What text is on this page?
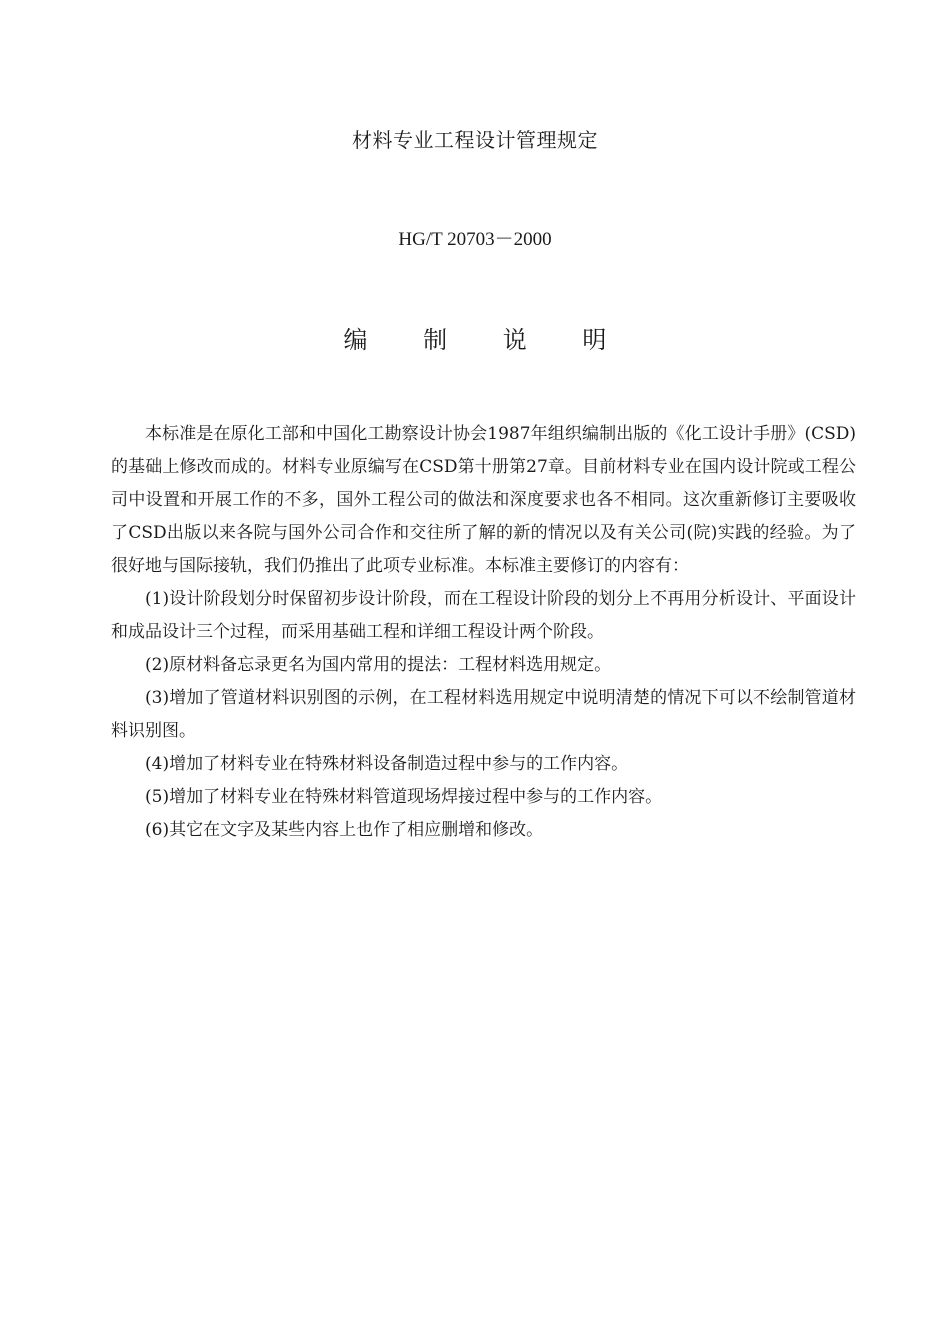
材料专业工程设计管理规定
HG/T 20703－2000
编 制 说 明

本标准是在原化工部和中国化工勘察设计协会1987年组织编制出版的《化工设计手册》(CSD)的基础上修改而成的。材料专业原编写在CSD第十册第27章。目前材料专业在国内设计院或工程公司中设置和开展工作的不多，国外工程公司的做法和深度要求也各不相同。这次重新修订主要吸收了CSD出版以来各院与国外公司合作和交往所了解的新的情况以及有关公司(院)实践的经验。为了很好地与国际接轨，我们仍推出了此项专业标准。本标准主要修订的内容有：

(1)设计阶段划分时保留初步设计阶段，而在工程设计阶段的划分上不再用分析设计、平面设计和成品设计三个过程，而采用基础工程和详细工程设计两个阶段。

(2)原材料备忘录更名为国内常用的提法：工程材料选用规定。

(3)增加了管道材料识别图的示例，在工程材料选用规定中说明清楚的情况下可以不绘制管道材料识别图。

(4)增加了材料专业在特殊材料设备制造过程中参与的工作内容。

(5)增加了材料专业在特殊材料管道现场焊接过程中参与的工作内容。

(6)其它在文字及某些内容上也作了相应删增和修改。
